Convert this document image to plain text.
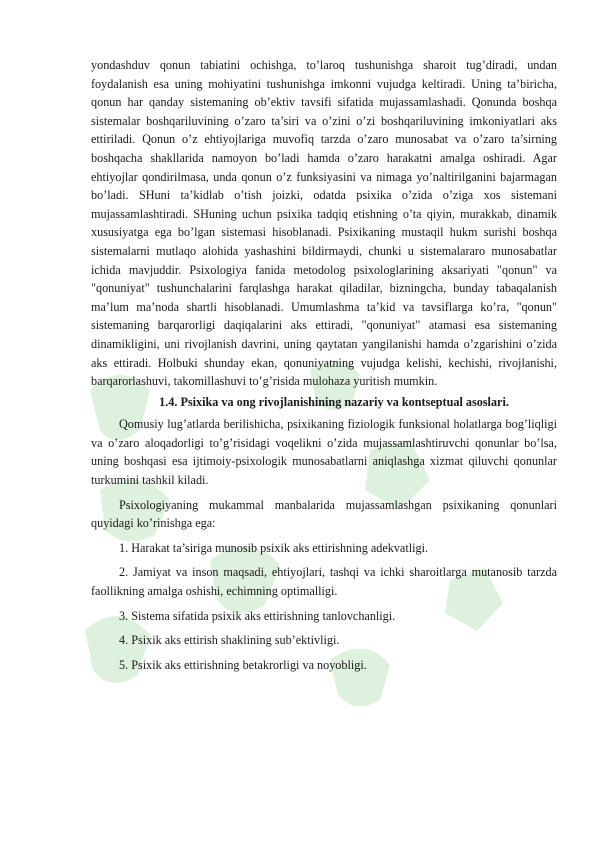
yondashduv qonun tabiatini ochishga, to’laroq tushunishga sharoit tug’diradi, undan foydalanish esa uning mohiyatini tushunishga imkonni vujudga keltiradi. Uning ta’biricha, qonun har qanday sistemaning ob’ektiv tavsifi sifatida mujassamlashadi. Qonunda boshqa sistemalar boshqariluvining o’zaro ta’siri va o’zini o’zi boshqariluvining imkoniyatlari aks ettiriladi. Qonun o’z ehtiyojlariga muvofiq tarzda o’zaro munosabat va o’zaro ta’sirning boshqacha shakllarida namoyon bo’ladi hamda o’zaro harakatni amalga oshiradi. Agar ehtiyojlar qondirilmasa, unda qonun o’z funksiyasini va nimaga yo’naltirilganini bajarmagan bo’ladi. SHuni ta’kidlab o’tish joizki, odatda psixika o’zida o’ziga xos sistemani mujassamlashtiradi. SHuning uchun psixika tadqiq etishning o’ta qiyin, murakkab, dinamik xususiyatga ega bo’lgan sistemasi hisoblanadi. Psixikaning mustaqil hukm surishi boshqa sistemalarni mutlaqo alohida yashashini bildirmaydi, chunki u sistemalararo munosabatlar ichida mavjuddir. Psixologiya fanida metodolog psixologlarining aksariyati "qonun" va "qonuniyat" tushunchalarini farqlashga harakat qiladilar, bizningcha, bunday tabaqalanish ma’lum ma’noda shartli hisoblanadi. Umumlashma ta’kid va tavsiflarga ko’ra, "qonun" sistemaning barqarorligi daqiqalarini aks ettiradi, "qonuniyat" atamasi esa sistemaning dinamikligini, uni rivojlanish davrini, uning qaytatan yangilanishi hamda o’zgarishini o’zida aks ettiradi. Holbuki shunday ekan, qonuniyatning vujudga kelishi, kechishi, rivojlanishi, barqarorlashuvi, takomillashuvi to’g’risida mulohaza yuritish mumkin.

1.4. Psixika va ong rivojlanishining nazariy va kontseptual asoslari.

Qomusiy lug’atlarda berilishicha, psixikaning fiziologik funksional holatlarga bog’liqligi va o’zaro aloqadorligi to’g’risidagi voqelikni o’zida mujassamlashtiruvchi qonunlar bo’lsa, uning boshqasi esa ijtimoiy-psixologik munosabatlarni aniqlashga xizmat qiluvchi qonunlar turkumini tashkil kiladi.

Psixologiyaning mukammal manbalarida mujassamlashgan psixikaning qonunlari quyidagi ko’rinishga ega:

1. Harakat ta’siriga munosib psixik aks ettirishning adekvatligi.

2. Jamiyat va inson maqsadi, ehtiyojlari, tashqi va ichki sharoitlarga mutanosib tarzda faollikning amalga oshishi, echimning optimalligi.

3. Sistema sifatida psixik aks ettirishning tanlovchanligi.

4. Psixik aks ettirish shaklining sub’ektivligi.

5. Psixik aks ettirishning betakrorligi va noyobligi.
